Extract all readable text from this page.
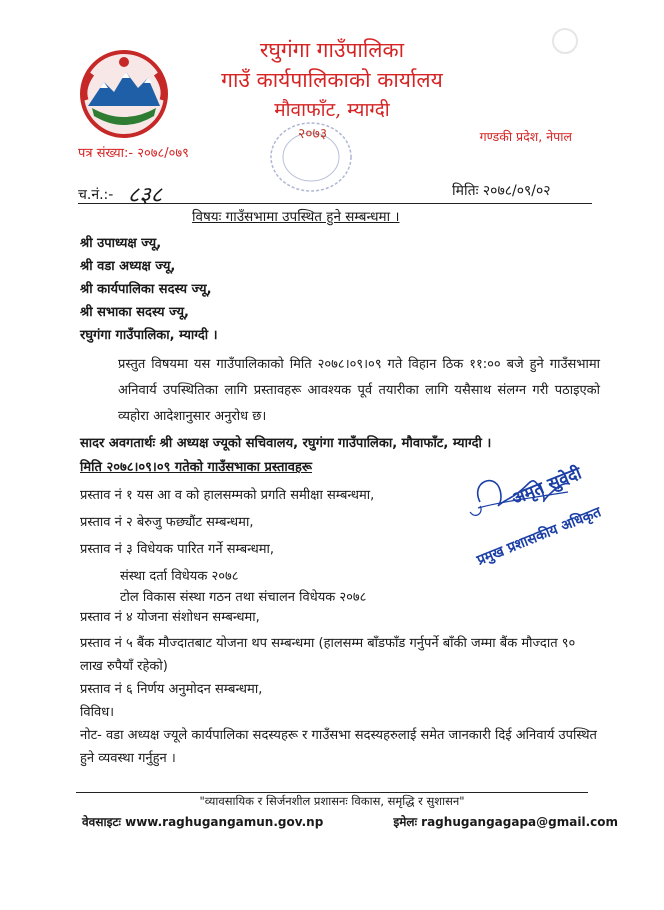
रघुगंगा गाउँपालिका
गाउँ कार्यपालिकाको कार्यालय
मौवाफाँट, म्याग्दी
२०७३	गण्डकी प्रदेश, नेपाल
पत्र संख्या:- २०७८/०७९
च.नं.:- ८३८	मितिः २०७८/०९/०२
विषयः गाउँसभामा उपस्थित हुने सम्बन्धमा ।
श्री उपाध्यक्ष ज्यू,
श्री वडा अध्यक्ष ज्यू,
श्री कार्यपालिका सदस्य ज्यू,
श्री सभाका सदस्य ज्यू,
रघुगंगा गाउँपालिका, म्याग्दी ।
प्रस्तुत विषयमा यस गाउँपालिकाको मिति २०७८।०९।०९ गते विहान ठिक ११:०० बजे हुने गाउँसभामा अनिवार्य उपस्थितिका लागि प्रस्तावहरू आवश्यक पूर्व तयारीका लागि यसैसाथ संलग्न गरी पठाइएको व्यहोरा आदेशानुसार अनुरोध छ।
सादर अवगतार्थः श्री अध्यक्ष ज्यूको सचिवालय, रघुगंगा गाउँपालिका, मौवाफाँट, म्याग्दी ।
मिति २०७८।०९।०९ गतेको गाउँसभाका प्रस्तावहरू
प्रस्ताव नं १ यस आ व को हालसम्मको प्रगति समीक्षा सम्बन्धमा,
प्रस्ताव नं २ बेरुजु फछ्यौंट सम्बन्धमा,
प्रस्ताव नं ३ विधेयक पारित गर्ने सम्बन्धमा,
संस्था दर्ता विधेयक २०७८
टोल विकास संस्था गठन तथा संचालन विधेयक २०७८
प्रस्ताव नं ४ योजना संशोधन सम्बन्धमा,
प्रस्ताव नं ५ बैंक मौज्दातबाट योजना थप सम्बन्धमा (हालसम्म बाँडफाँड गर्नुपर्ने बाँकी जम्मा बैंक मौज्दात ९०
लाख रुपैयाँ रहेको)
प्रस्ताव नं ६ निर्णय अनुमोदन सम्बन्धमा,
विविध।
नोट- वडा अध्यक्ष ज्यूले कार्यपालिका सदस्यहरू र गाउँसभा सदस्यहरुलाई समेत जानकारी दिई अनिवार्य उपस्थित
हुने व्यवस्था गर्नुहुन ।
अमृत सुवेदी
प्रमुख प्रशासकीय अधिकृत
"व्यावसायिक र सिर्जनशील प्रशासनः विकास, समृद्धि र सुशासन"
वेवसाइटः www.raghugangamun.gov.np	इमेलः raghugangagapa@gmail.com
